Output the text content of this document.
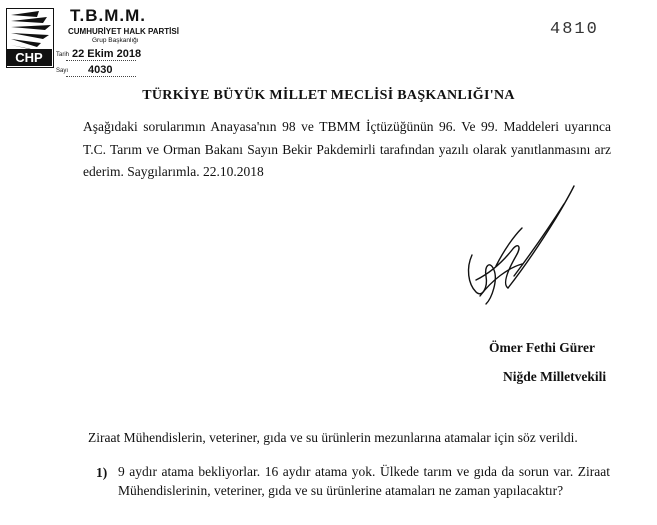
CHP
T.B.M.M.
CUMHURİYET HALK PARTİSİ
Grup Başkanlığı
Tarih 22 Ekim 2018
Sayı 4030
4810
TÜRKİYE BÜYÜK MİLLET MECLİSİ BAŞKANLIĞI'NA
Aşağıdaki sorularımın Anayasa'nın 98 ve TBMM İçtüzüğünün 96. Ve 99. Maddeleri uyarınca T.C. Tarım ve Orman Bakanı Sayın Bekir Pakdemirli tarafından yazılı olarak yanıtlanmasını arz ederim. Saygılarımla. 22.10.2018
Ömer Fethi Gürer
Niğde Milletvekili
Ziraat Mühendislerin, veteriner, gıda ve su ürünlerin mezunlarına atamalar için söz verildi.
1) 9 aydır atama bekliyorlar. 16 aydır atama yok. Ülkede tarım ve gıda da sorun var. Ziraat Mühendislerinin, veteriner, gıda ve su ürünlerine atamaları ne zaman yapılacaktır?
